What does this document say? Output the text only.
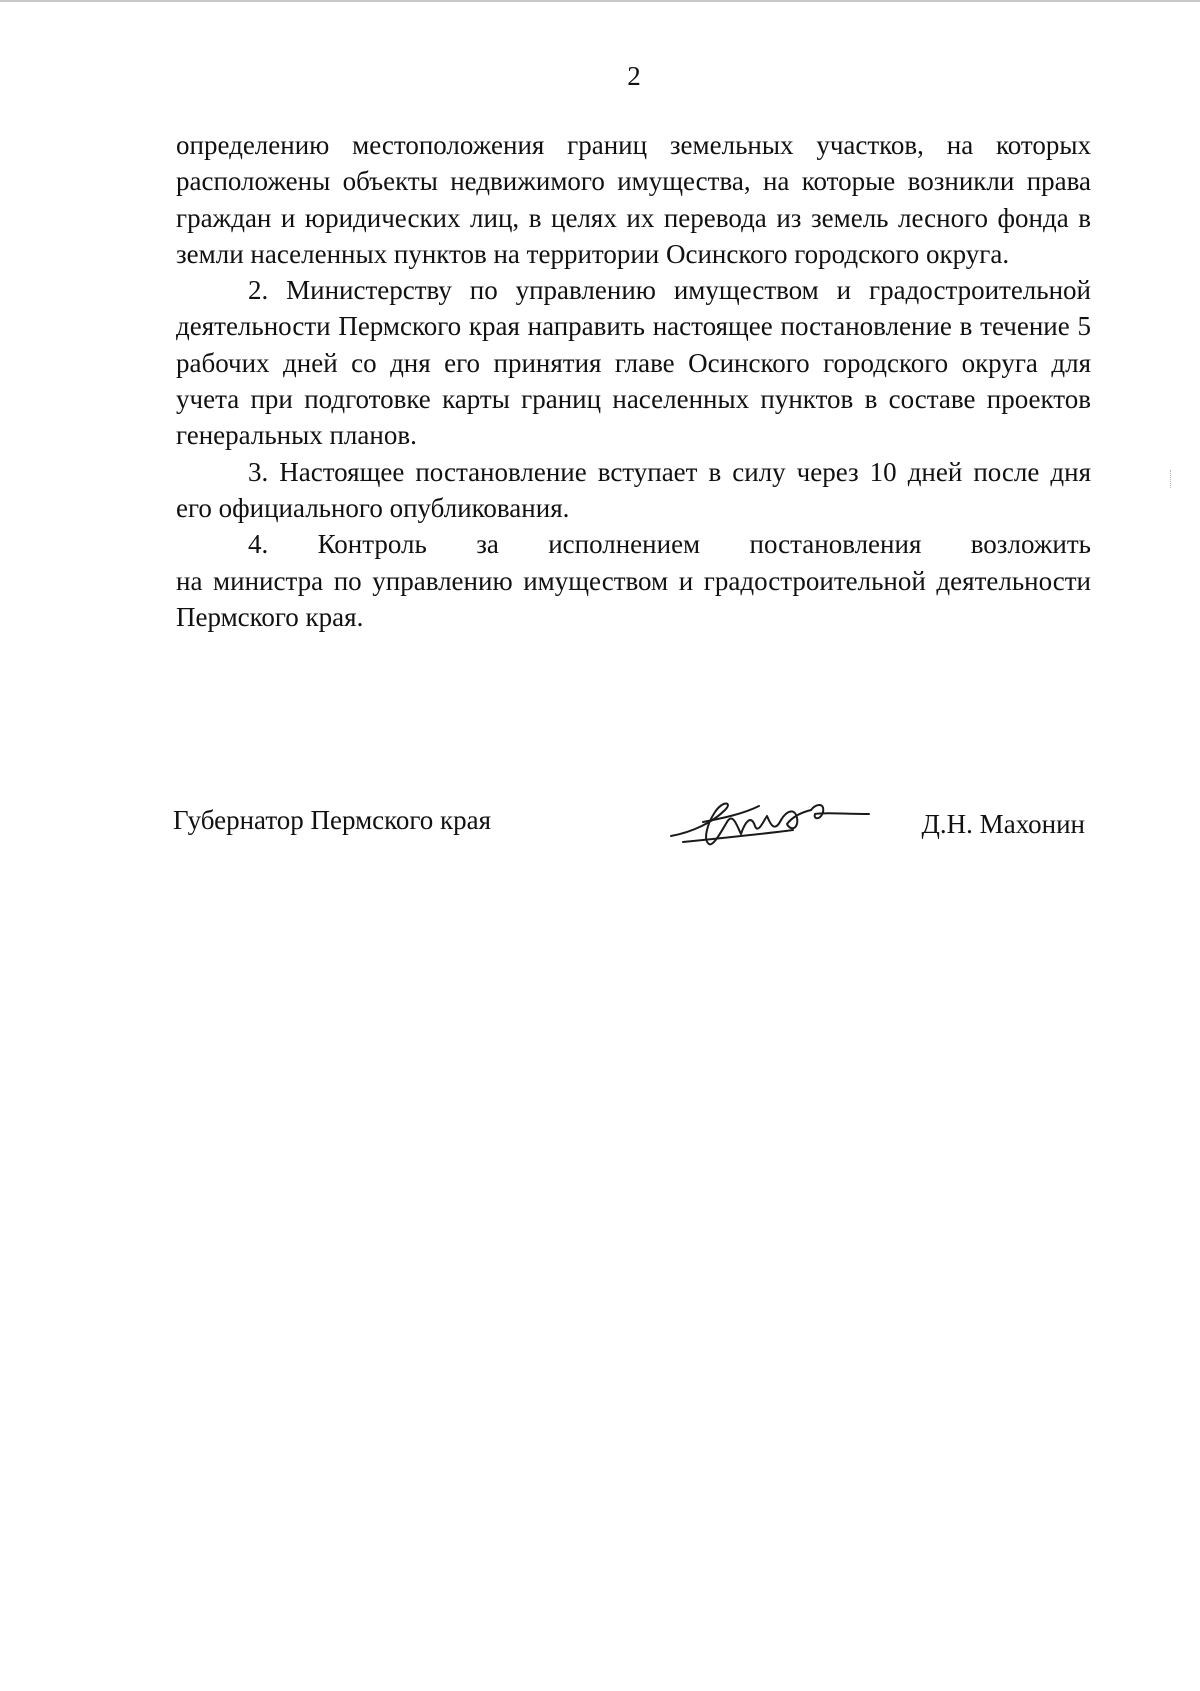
2

определению местоположения границ земельных участков, на которых расположены объекты недвижимого имущества, на которые возникли права граждан и юридических лиц, в целях их перевода из земель лесного фонда в земли населенных пунктов на территории Осинского городского округа.

2. Министерству по управлению имуществом и градостроительной деятельности Пермского края направить настоящее постановление в течение 5 рабочих дней со дня его принятия главе Осинского городского округа для учета при подготовке карты границ населенных пунктов в составе проектов генеральных планов.

3. Настоящее постановление вступает в силу через 10 дней после дня его официального опубликования.

4. Контроль за исполнением постановления возложить

на министра по управлению имуществом и градостроительной деятельности Пермского края.

Губернатор Пермского края	Д.Н. Махонин
